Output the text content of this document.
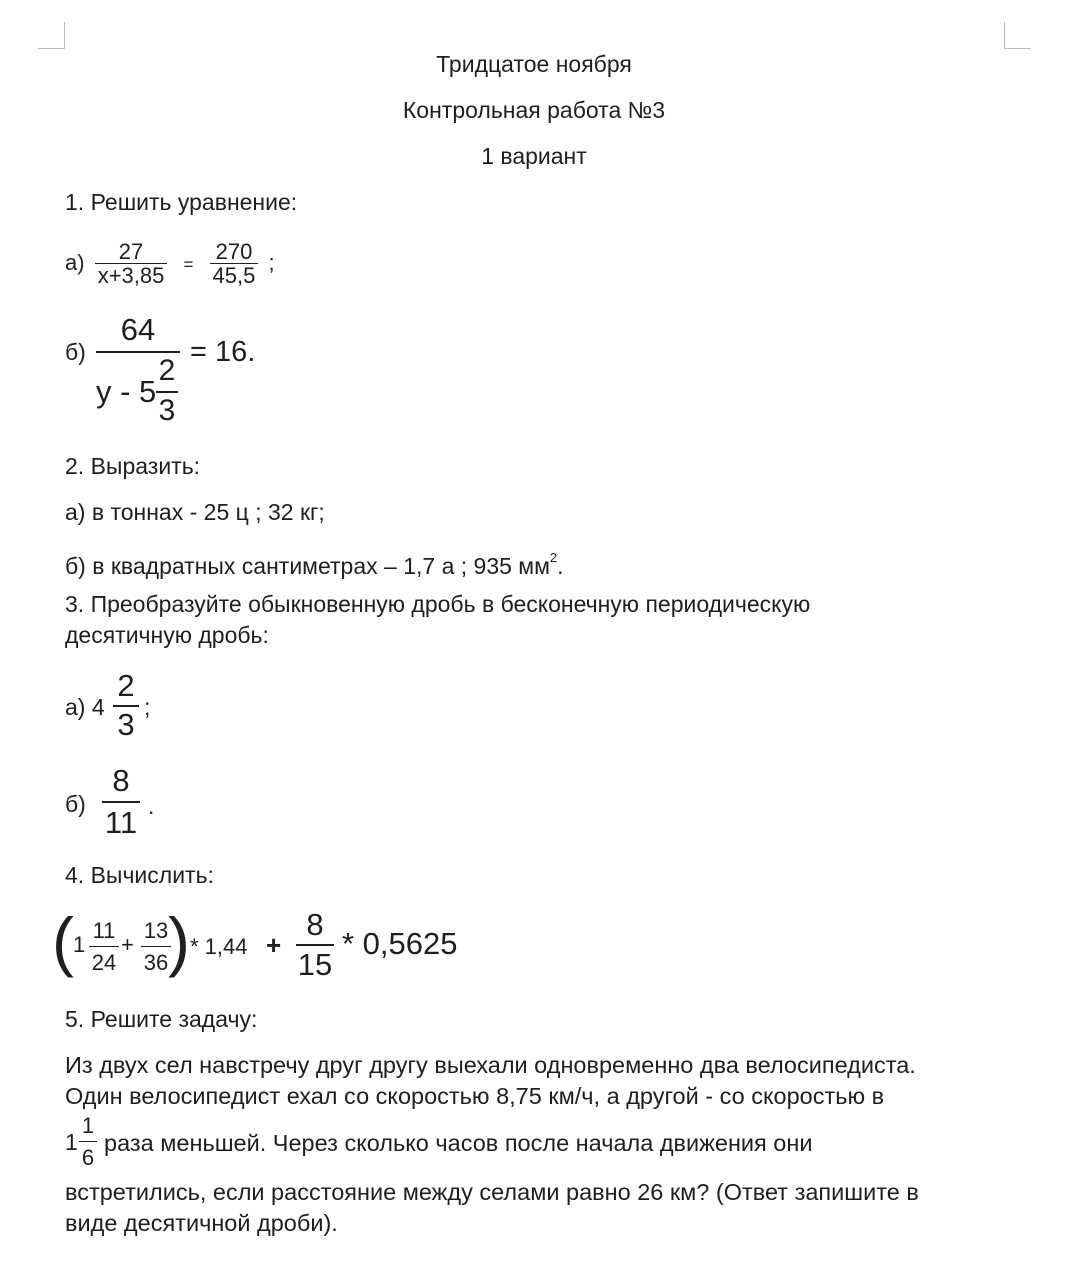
Тридцатое ноября
Контрольная работа №3
1 вариант
1. Решить уравнение:
$а) \frac{27}{x+3,85} = \frac{270}{45,5}$ ;
б)
64
y - 5
2
3
= 16.
2. Выразить:
а) в тоннах - 25 ц ; 32 кг;
б) в квадратных сантиметрах – 1,7 а ; 935 $мм^2$.
3. Преобразуйте обыкновенную дробь в бесконечную периодическую
десятичную дробь:
а) 4
2
3 ;
б)
8
11 .
4. Вычислить:
( 1
11
24
+
13
36 ) * 1,44 +
8
15
* 0,5625
5. Решите задачу:
Из двух сел навстречу друг другу выехали одновременно два велосипедиста.
Один велосипедист ехал со скоростью 8,75 км/ч, а другой - со скоростью в
1
1
6
раза меньшей. Через сколько часов после начала движения они
встретились, если расстояние между селами равно 26 км? (Ответ запишите в
виде десятичной дроби).
